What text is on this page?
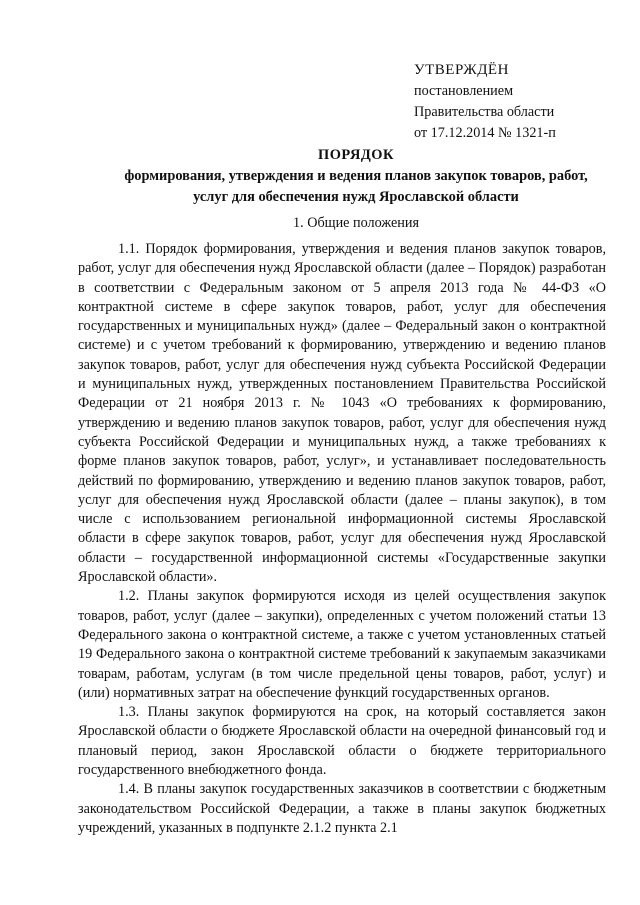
УТВЕРЖДЁН
постановлением
Правительства области
от 17.12.2014 № 1321-п
ПОРЯДОК
формирования, утверждения и ведения планов закупок товаров, работ,
услуг для обеспечения нужд Ярославской области
1. Общие положения

1.1. Порядок формирования, утверждения и ведения планов закупок товаров, работ, услуг для обеспечения нужд Ярославской области (далее – Порядок) разработан в соответствии с Федеральным законом от 5 апреля 2013 года № 44-ФЗ «О контрактной системе в сфере закупок товаров, работ, услуг для обеспечения государственных и муниципальных нужд» (далее – Федеральный закон о контрактной системе) и с учетом требований к формированию, утверждению и ведению планов закупок товаров, работ, услуг для обеспечения нужд субъекта Российской Федерации и муниципальных нужд, утвержденных постановлением Правительства Российской Федерации от 21 ноября 2013 г. № 1043 «О требованиях к формированию, утверждению и ведению планов закупок товаров, работ, услуг для обеспечения нужд субъекта Российской Федерации и муниципальных нужд, а также требованиях к форме планов закупок товаров, работ, услуг», и устанавливает последовательность действий по формированию, утверждению и ведению планов закупок товаров, работ, услуг для обеспечения нужд Ярославской области (далее – планы закупок), в том числе с использованием региональной информационной системы Ярославской области в сфере закупок товаров, работ, услуг для обеспечения нужд Ярославской области – государственной информационной системы «Государственные закупки Ярославской области».

1.2. Планы закупок формируются исходя из целей осуществления закупок товаров, работ, услуг (далее – закупки), определенных с учетом положений статьи 13 Федерального закона о контрактной системе, а также с учетом установленных статьей 19 Федерального закона о контрактной системе требований к закупаемым заказчиками товарам, работам, услугам (в том числе предельной цены товаров, работ, услуг) и (или) нормативных затрат на обеспечение функций государственных органов.

1.3. Планы закупок формируются на срок, на который составляется закон Ярославской области о бюджете Ярославской области на очередной финансовый год и плановый период, закон Ярославской области о бюджете территориального государственного внебюджетного фонда.

1.4. В планы закупок государственных заказчиков в соответствии с бюджетным законодательством Российской Федерации, а также в планы закупок бюджетных учреждений, указанных в подпункте 2.1.2 пункта 2.1
